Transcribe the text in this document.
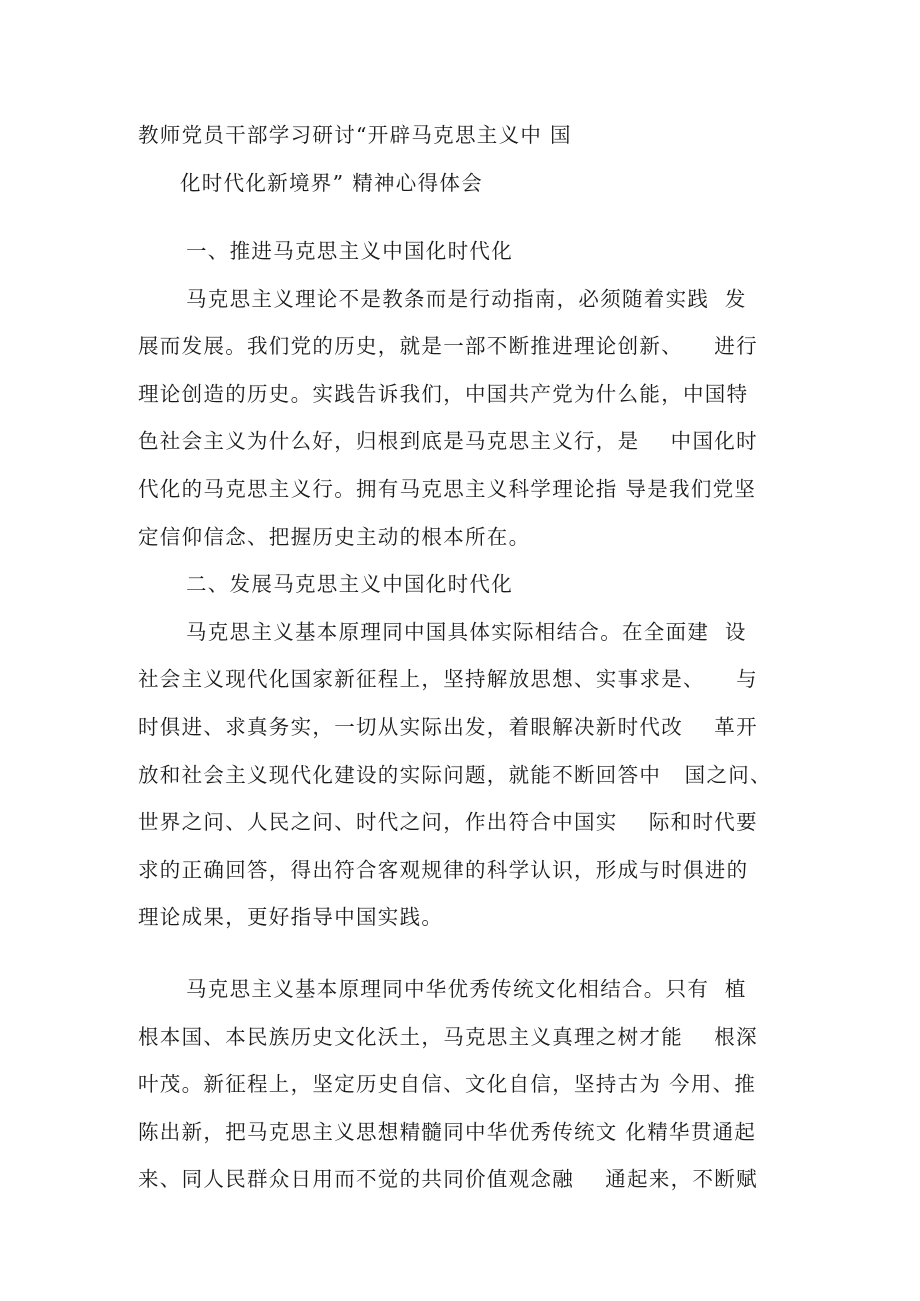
教师党员干部学习研讨“开辟马克思主义中 国
化时代化新境界” 精神心得体会
一、推进马克思主义中国化时代化
马克思主义理论不是教条而是行动指南，必须随着实践  发
展而发展。我们党的历史，就是一部不断推进理论创新、    进行
理论创造的历史。实践告诉我们，中国共产党为什么能，中国特
色社会主义为什么好，归根到底是马克思主义行，是    中国化时
代化的马克思主义行。拥有马克思主义科学理论指 导是我们党坚
定信仰信念、把握历史主动的根本所在。
二、发展马克思主义中国化时代化
马克思主义基本原理同中国具体实际相结合。在全面建  设
社会主义现代化国家新征程上，坚持解放思想、实事求是、    与
时俱进、求真务实，一切从实际出发，着眼解决新时代改    革开
放和社会主义现代化建设的实际问题，就能不断回答中   国之问、
世界之问、人民之问、时代之问，作出符合中国实    际和时代要
求的正确回答，得出符合客观规律的科学认识，形成与时俱进的
理论成果，更好指导中国实践。
马克思主义基本原理同中华优秀传统文化相结合。只有  植
根本国、本民族历史文化沃土，马克思主义真理之树才能    根深
叶茂。新征程上，坚定历史自信、文化自信，坚持古为 今用、推
陈出新，把马克思主义思想精髓同中华优秀传统文 化精华贯通起
来、同人民群众日用而不觉的共同价值观念融    通起来，不断赋
